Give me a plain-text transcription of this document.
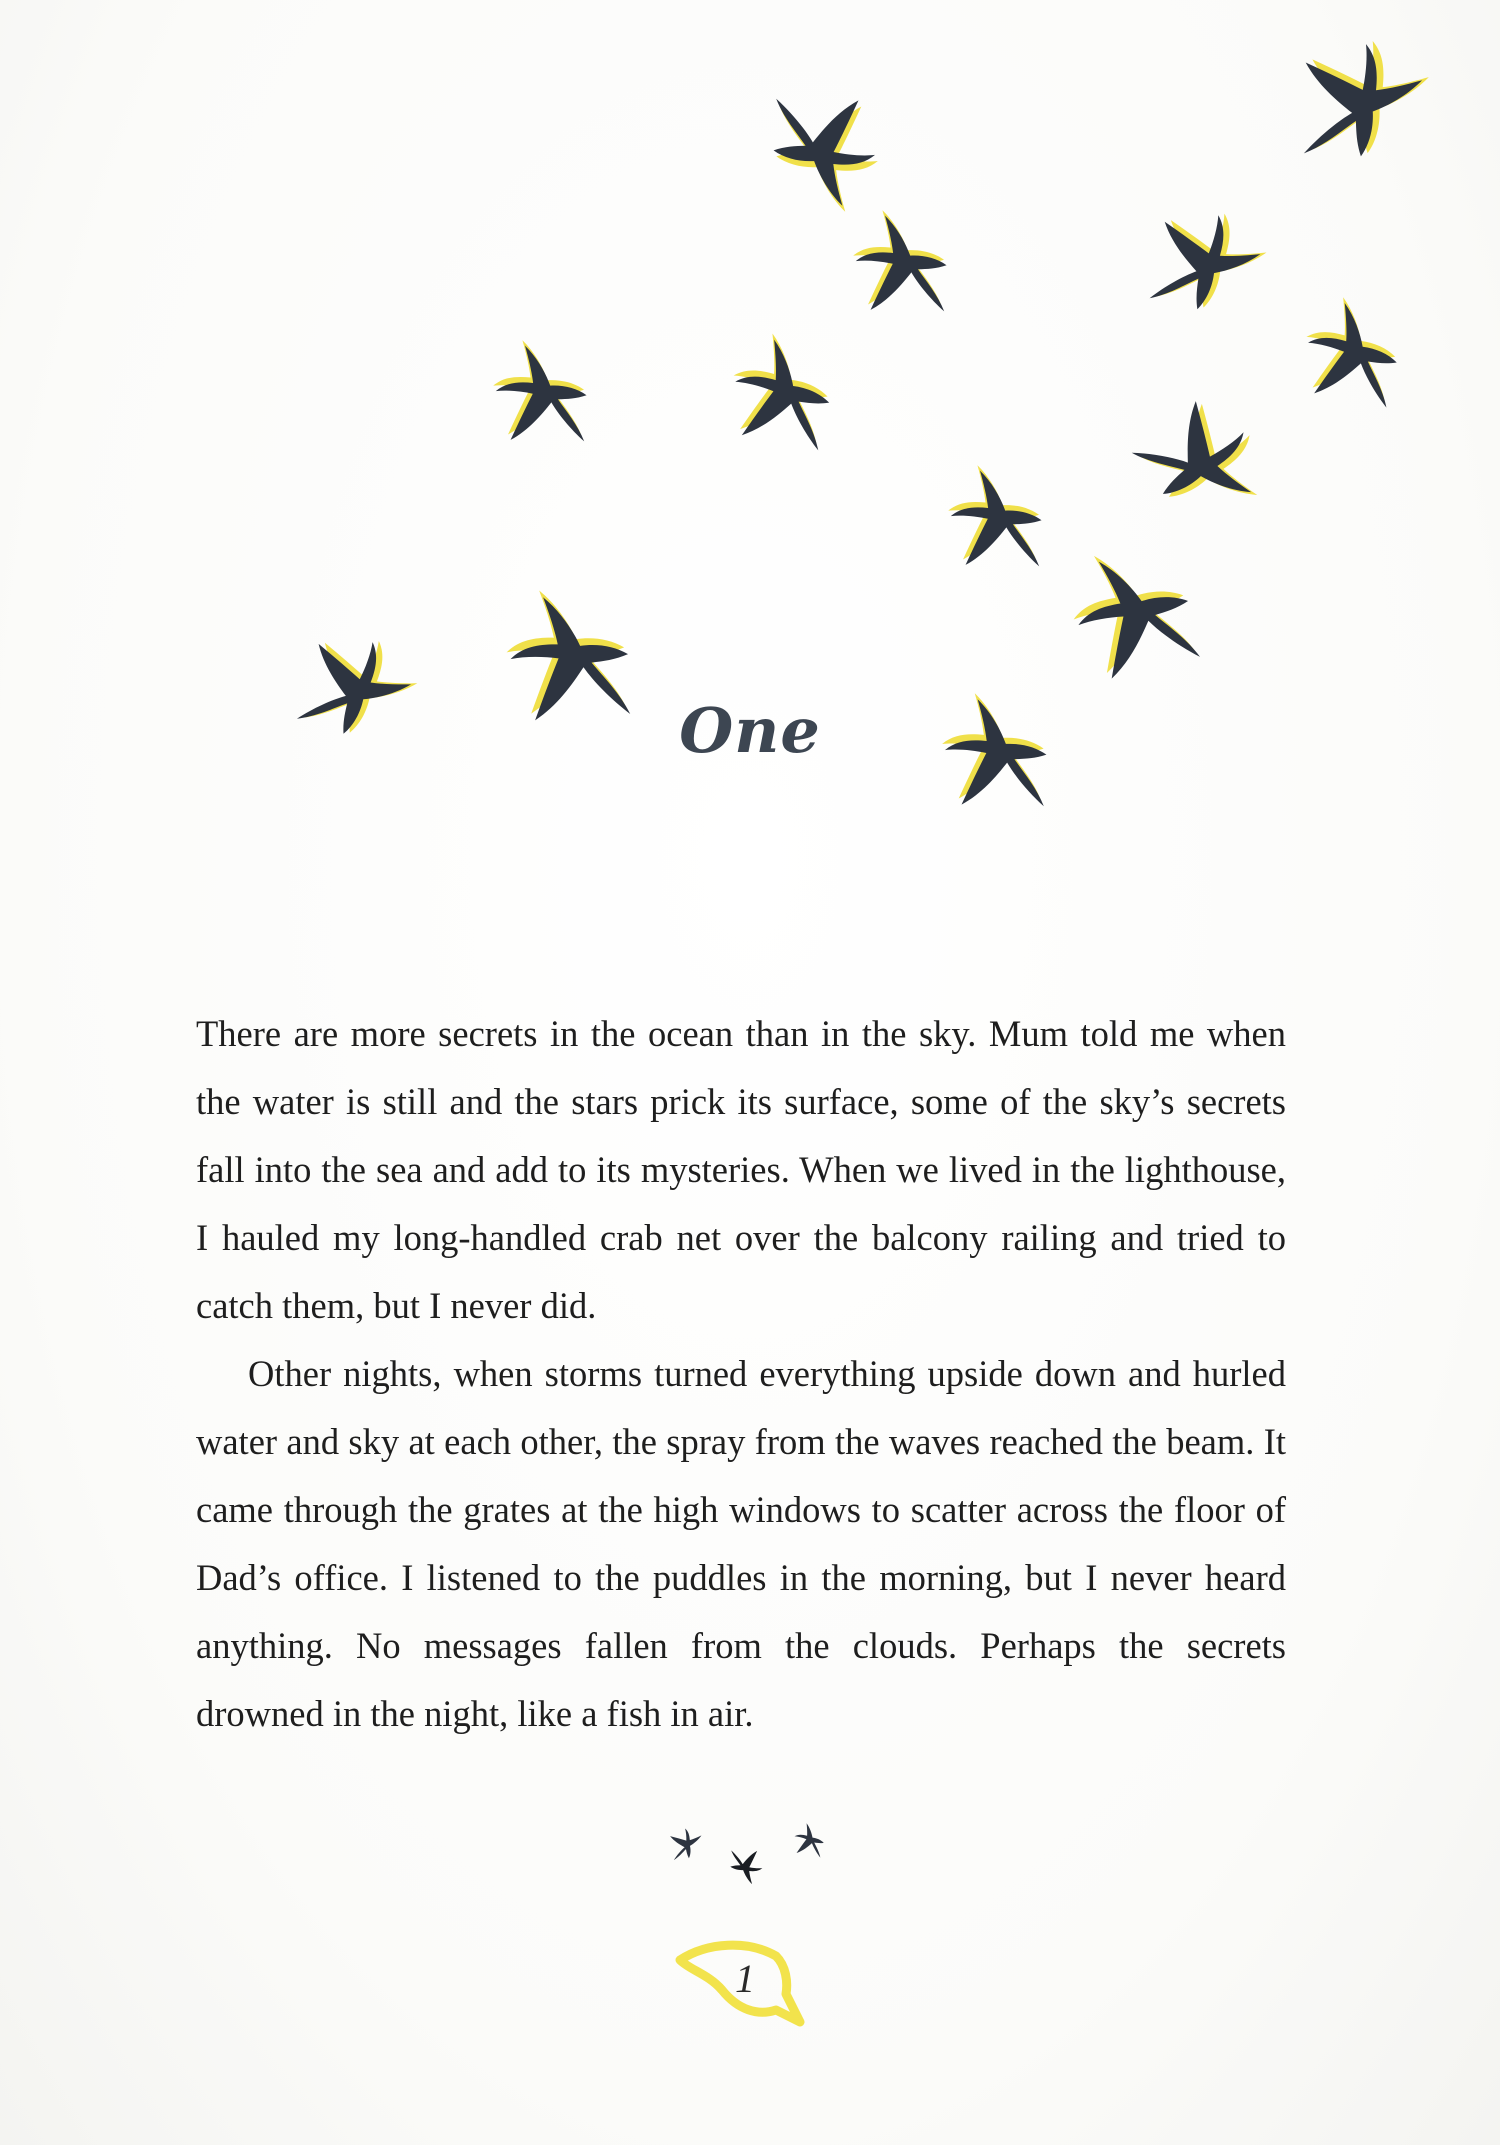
One

There are more secrets in the ocean than in the sky. Mum told me when the water is still and the stars prick its surface, some of the sky’s secrets fall into the sea and add to its mysteries. When we lived in the lighthouse, I hauled my long-handled crab net over the balcony railing and tried to catch them, but I never did.

Other nights, when storms turned everything upside down and hurled water and sky at each other, the spray from the waves reached the beam. It came through the grates at the high windows to scatter across the floor of Dad’s office. I listened to the puddles in the morning, but I never heard anything. No messages fallen from the clouds. Perhaps the secrets drowned in the night, like a fish in air.

1
